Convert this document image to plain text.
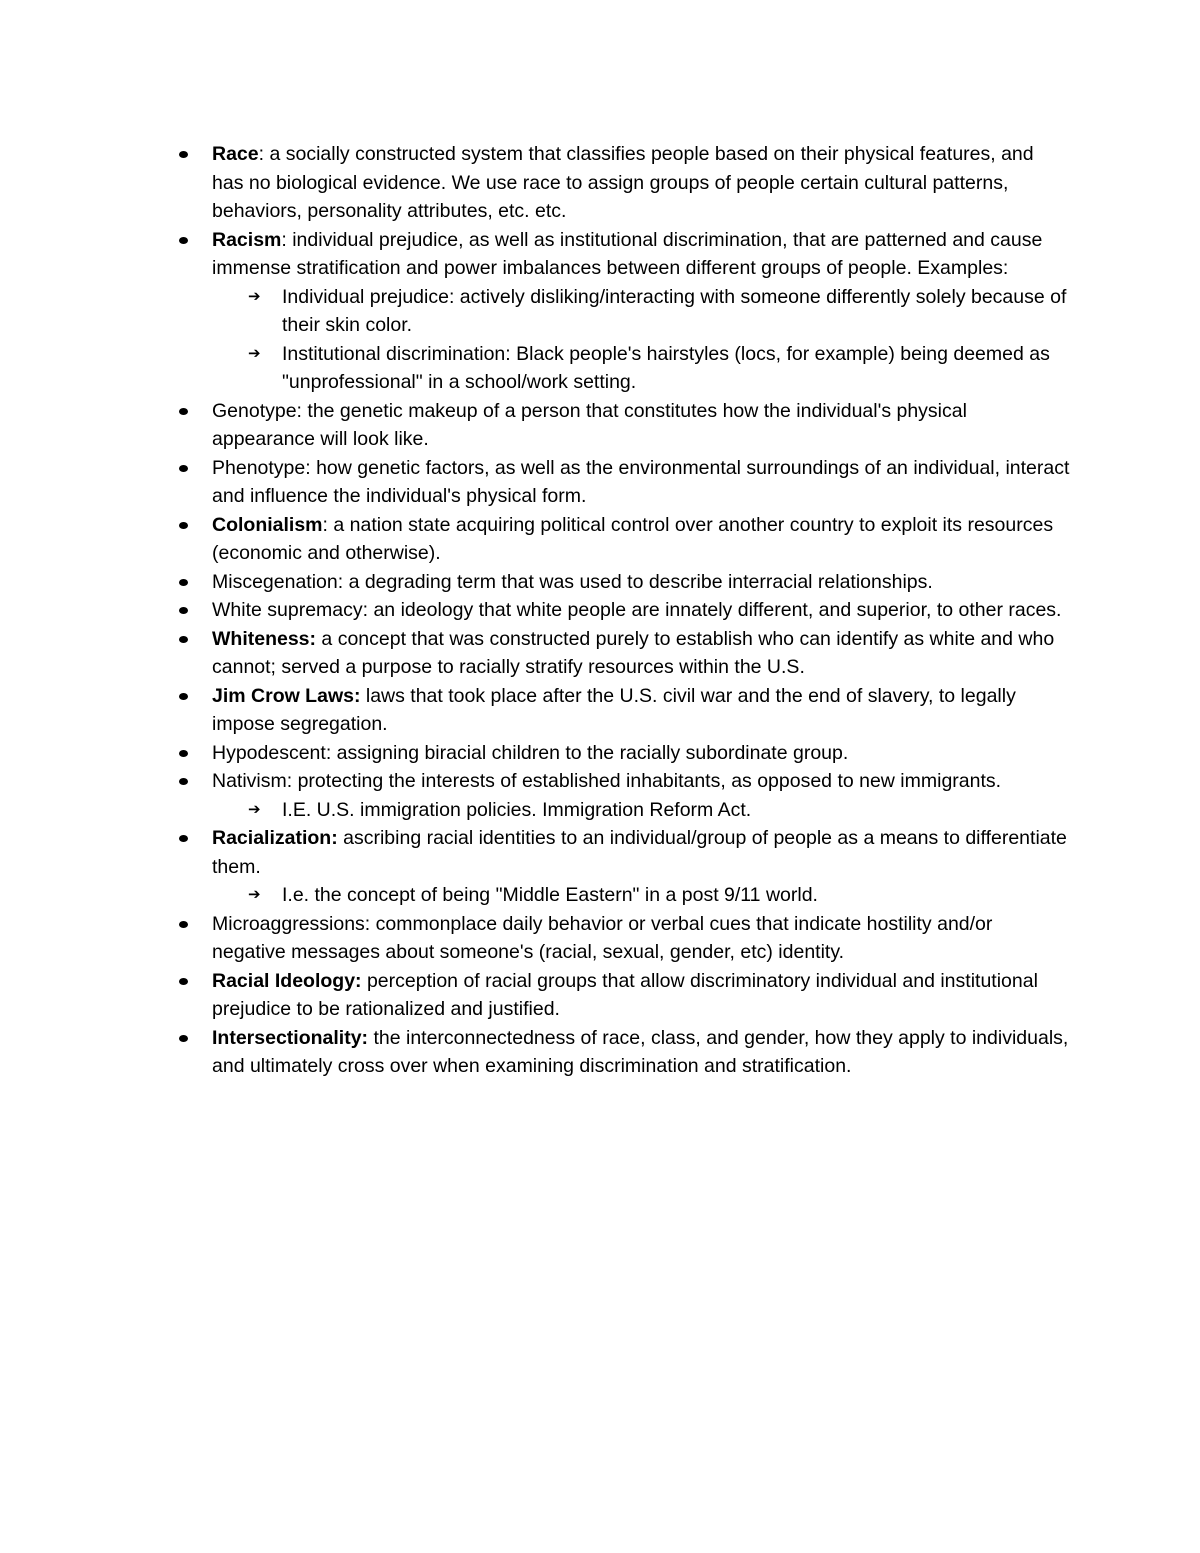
Race: a socially constructed system that classifies people based on their physical features, and has no biological evidence. We use race to assign groups of people certain cultural patterns, behaviors, personality attributes, etc. etc.
Racism: individual prejudice, as well as institutional discrimination, that are patterned and cause immense stratification and power imbalances between different groups of people. Examples:
➔ Individual prejudice: actively disliking/interacting with someone differently solely because of their skin color.
➔ Institutional discrimination: Black people's hairstyles (locs, for example) being deemed as "unprofessional" in a school/work setting.
Genotype: the genetic makeup of a person that constitutes how the individual's physical appearance will look like.
Phenotype: how genetic factors, as well as the environmental surroundings of an individual, interact and influence the individual's physical form.
Colonialism: a nation state acquiring political control over another country to exploit its resources (economic and otherwise).
Miscegenation: a degrading term that was used to describe interracial relationships.
White supremacy: an ideology that white people are innately different, and superior, to other races.
Whiteness: a concept that was constructed purely to establish who can identify as white and who cannot; served a purpose to racially stratify resources within the U.S.
Jim Crow Laws: laws that took place after the U.S. civil war and the end of slavery, to legally impose segregation.
Hypodescent: assigning biracial children to the racially subordinate group.
Nativism: protecting the interests of established inhabitants, as opposed to new immigrants.
➔ I.E. U.S. immigration policies. Immigration Reform Act.
Racialization: ascribing racial identities to an individual/group of people as a means to differentiate them.
➔ I.e. the concept of being "Middle Eastern" in a post 9/11 world.
Microaggressions: commonplace daily behavior or verbal cues that indicate hostility and/or negative messages about someone's (racial, sexual, gender, etc) identity.
Racial Ideology: perception of racial groups that allow discriminatory individual and institutional prejudice to be rationalized and justified.
Intersectionality: the interconnectedness of race, class, and gender, how they apply to individuals, and ultimately cross over when examining discrimination and stratification.
